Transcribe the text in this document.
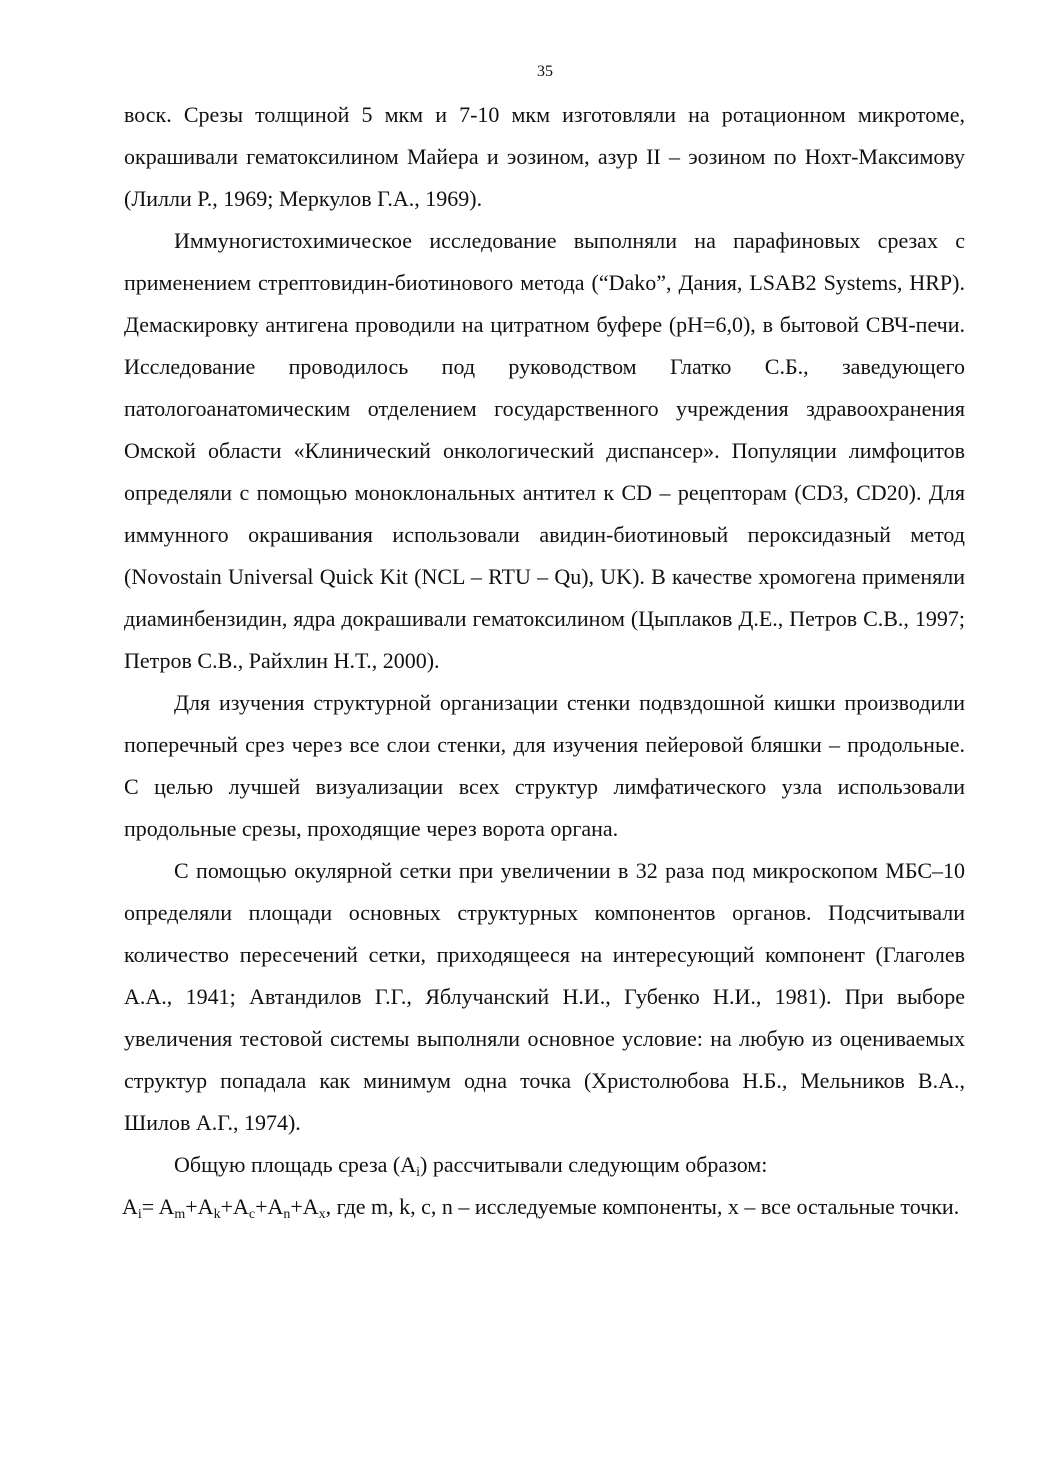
35

воск. Срезы толщиной 5 мкм и 7-10 мкм изготовляли на ротационном микротоме, окрашивали гематоксилином Майера и эозином, азур II – эозином по Нохт-Максимову (Лилли Р., 1969; Меркулов Г.А., 1969).

Иммуногистохимическое исследование выполняли на парафиновых срезах с применением стрептовидин-биотинового метода (“Dako”, Дания, LSAB2 Systems, HRP). Демаскировку антигена проводили на цитратном буфере (pH=6,0), в бытовой СВЧ-печи. Исследование проводилось под руководством Глатко С.Б., заведующего патологоанатомическим отделением государственного учреждения здравоохранения Омской области «Клинический онкологический диспансер». Популяции лимфоцитов определяли с помощью моноклональных антител к CD – рецепторам (CD3, CD20). Для иммунного окрашивания использовали авидин-биотиновый пероксидазный метод (Novostain Universal Quick Kit (NCL – RTU – Qu), UK). В качестве хромогена применяли диаминбензидин, ядра докрашивали гематоксилином (Цыплаков Д.Е., Петров С.В., 1997; Петров С.В., Райхлин Н.Т., 2000).

Для изучения структурной организации стенки подвздошной кишки производили поперечный срез через все слои стенки, для изучения пейеровой бляшки – продольные. С целью лучшей визуализации всех структур лимфатического узла использовали продольные срезы, проходящие через ворота органа.

С помощью окулярной сетки при увеличении в 32 раза под микроскопом МБС–10 определяли площади основных структурных компонентов органов. Подсчитывали количество пересечений сетки, приходящееся на интересующий компонент (Глаголев А.А., 1941; Автандилов Г.Г., Яблучанский Н.И., Губенко Н.И., 1981). При выборе увеличения тестовой системы выполняли основное условие: на любую из оцениваемых структур попадала как минимум одна точка (Христолюбова Н.Б., Мельников В.А., Шилов А.Г., 1974).

Общую площадь среза $(A_i)$ рассчитывали следующим образом:

$A_i= A_m+A_k+A_c+A_n+A_x$, где m, k, c, n – исследуемые компоненты, x – все остальные точки.
